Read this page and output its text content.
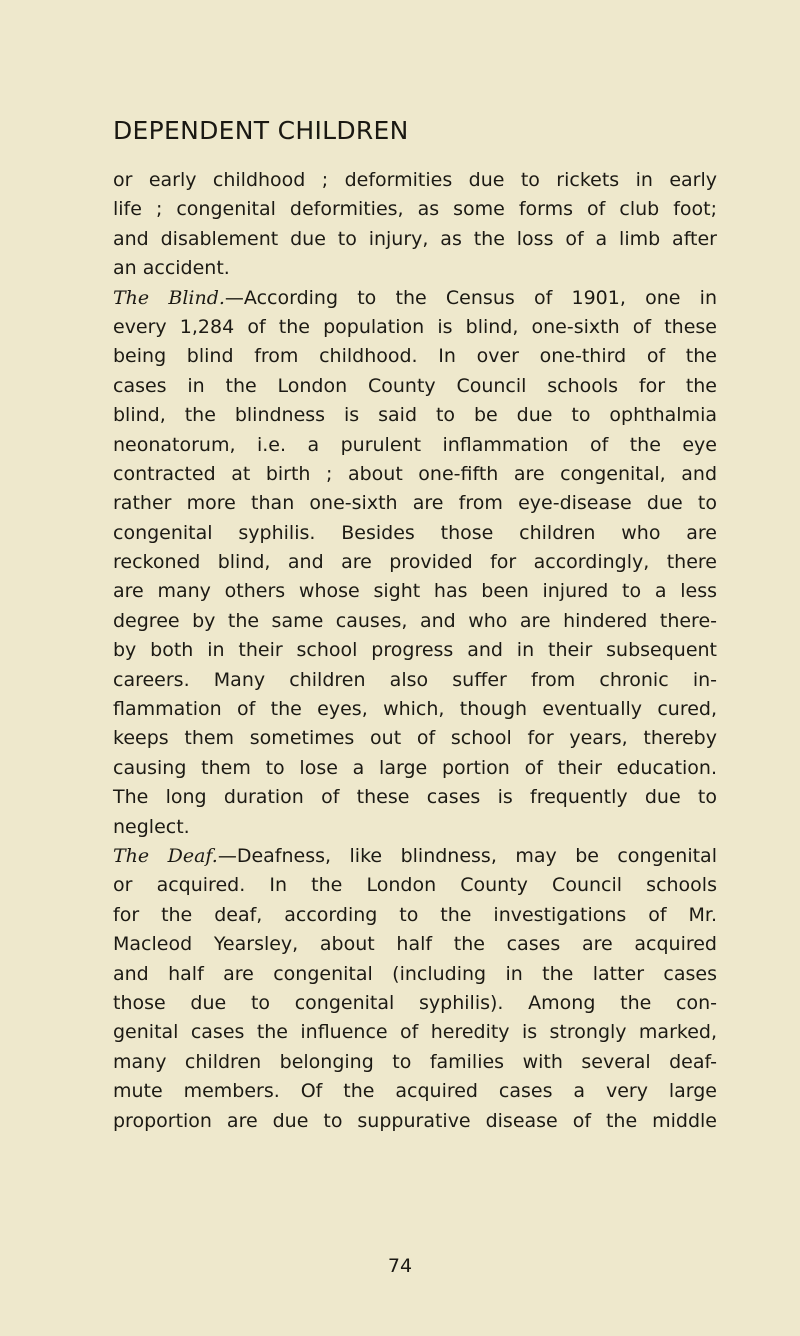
DEPENDENT CHILDREN
or early childhood ; deformities due to rickets in early
life ; congenital deformities, as some forms of club foot;
and disablement due to injury, as the loss of a limb after
an accident.
The Blind.—According to the Census of 1901, one in
every 1,284 of the population is blind, one-sixth of these
being blind from childhood. In over one-third of the
cases in the London County Council schools for the
blind, the blindness is said to be due to ophthalmia
neonatorum, i.e. a purulent inflammation of the eye
contracted at birth ; about one-fifth are congenital, and
rather more than one-sixth are from eye-disease due to
congenital syphilis. Besides those children who are
reckoned blind, and are provided for accordingly, there
are many others whose sight has been injured to a less
degree by the same causes, and who are hindered there-
by both in their school progress and in their subsequent
careers. Many children also suffer from chronic in-
flammation of the eyes, which, though eventually cured,
keeps them sometimes out of school for years, thereby
causing them to lose a large portion of their education.
The long duration of these cases is frequently due to
neglect.
The Deaf.—Deafness, like blindness, may be congenital
or acquired. In the London County Council schools
for the deaf, according to the investigations of Mr.
Macleod Yearsley, about half the cases are acquired
and half are congenital (including in the latter cases
those due to congenital syphilis). Among the con-
genital cases the influence of heredity is strongly marked,
many children belonging to families with several deaf-
mute members. Of the acquired cases a very large
proportion are due to suppurative disease of the middle
74
